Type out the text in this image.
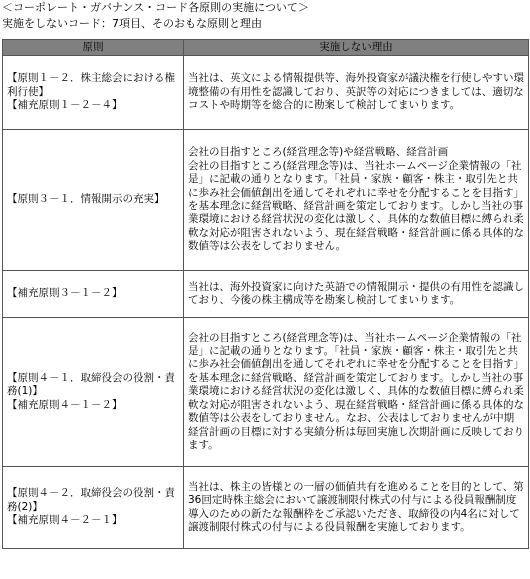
＜コーポレート・ガバナンス・コード各原則の実施について＞
実施をしないコード：7項目、そのおもな原則と理由
原則	実施しない理由

【原則１－２．株主総会における権利行使】
【補充原則１－２－４】	当社は、英文による情報提供等、海外投資家が議決権を行使しやすい環境整備の有用性を認識しており、英訳等の対応につきましては、適切なコストや時期等を総合的に勘案して検討してまいります。

【原則３－１．情報開示の充実】	会社の目指すところ(経営理念等)や経営戦略、経営計画
会社の目指すところ(経営理念等)は、当社ホームページ企業情報の「社是」に記載の通りとなります。「社員・家族・顧客・株主・取引先と共に歩み社会価値創出を通してそれぞれに幸せを分配することを目指す」を基本理念に経営戦略、経営計画を策定しております。しかし当社の事業環境における経営状況の変化は激しく、具体的な数値目標に縛られ柔軟な対応が阻害されないよう、現在経営戦略・経営計画に係る具体的な数値等は公表をしておりません。

【補充原則３－１－２】	当社は、海外投資家に向けた英語での情報開示・提供の有用性を認識しており、今後の株主構成等を勘案し検討してまいります。

【原則４－１．取締役会の役割・責務(1)】
【補充原則４－１－２】	会社の目指すところ(経営理念等)は、当社ホームページ企業情報の「社是」に記載の通りとなります。「社員・家族・顧客・株主・取引先と共に歩み社会価値創出を通してそれぞれに幸せを分配することを目指す」を基本理念に経営戦略、経営計画を策定しております。しかし当社の事業環境における経営状況の変化は激しく、具体的な数値目標に縛られ柔軟な対応が阻害されないよう、現在経営戦略・経営計画に係る具体的な数値等は公表をしておりません。なお、公表はしておりませんが中期経営計画の目標に対する実績分析は毎回実施し次期計画に反映しております。

【原則４－２．取締役会の役割・責務(2)】
【補充原則４－２－１】	当社は、株主の皆様との一層の価値共有を進めることを目的として、第36回定時株主総会において譲渡制限付株式の付与による役員報酬制度導入のための新たな報酬枠をご承認いただき、取締役の内4名に対して譲渡制限付株式の付与による役員報酬を実施しております。
